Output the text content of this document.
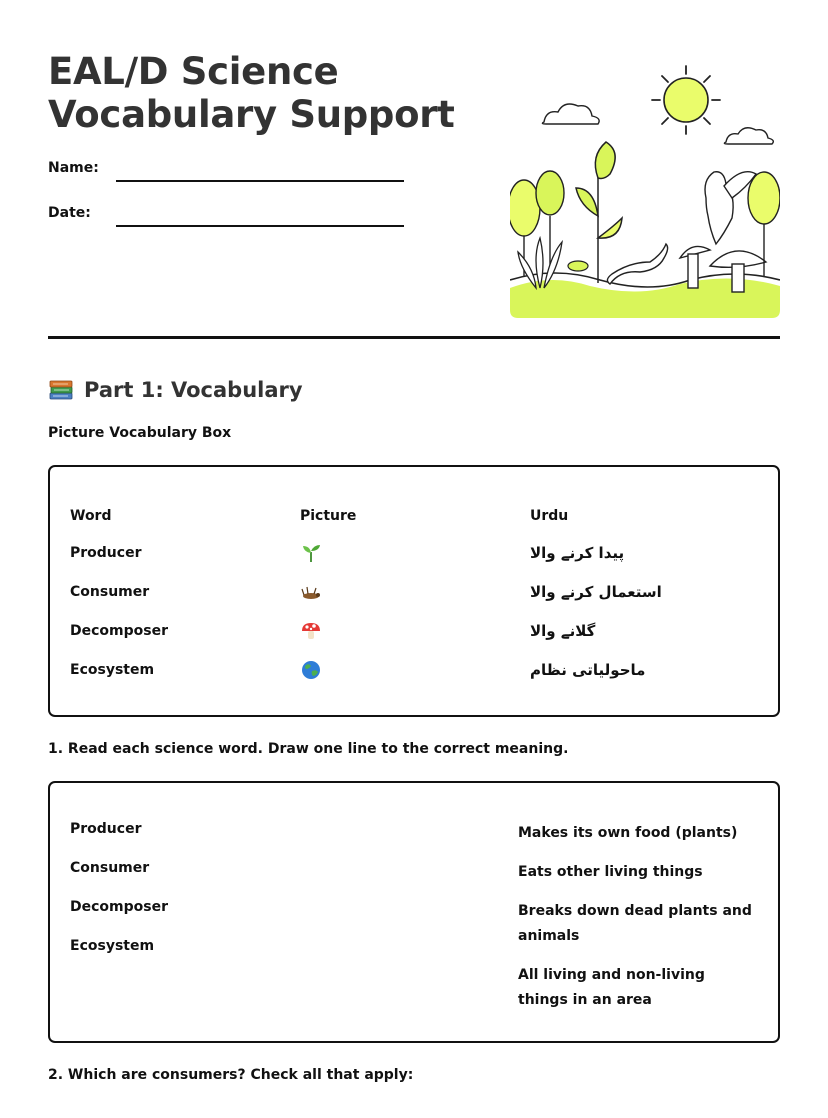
EAL/D Science Vocabulary Support
Name:
Date:
Part 1: Vocabulary
Picture Vocabulary Box
Word	Picture	Urdu
Producer		پیدا کرنے والا
Consumer		استعمال کرنے والا
Decomposer		گلانے والا
Ecosystem		ماحولیاتی نظام
1. Read each science word. Draw one line to the correct meaning.
Producer
Consumer
Decomposer
Ecosystem
Makes its own food (plants)
Eats other living things
Breaks down dead plants and animals
All living and non-living things in an area
2. Which are consumers? Check all that apply:
